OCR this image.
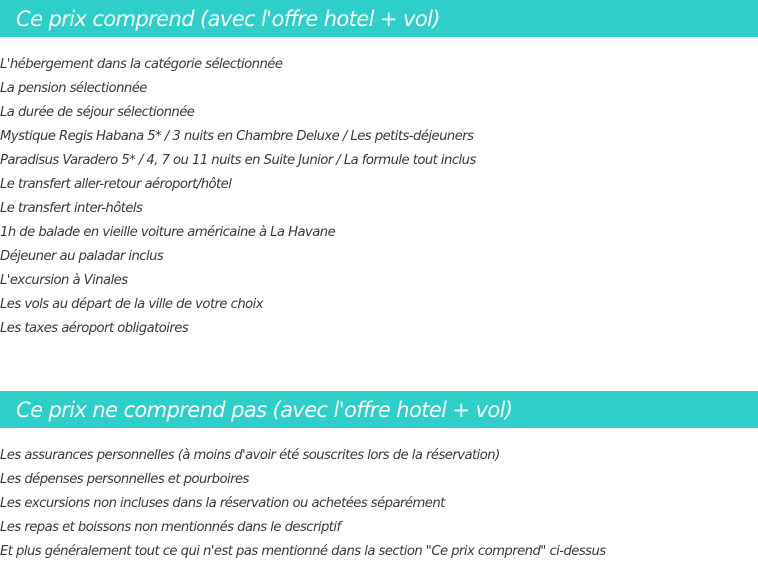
Ce prix comprend (avec l'offre hotel + vol)
L'hébergement dans la catégorie sélectionnée
La pension sélectionnée
La durée de séjour sélectionnée
Mystique Regis Habana 5* / 3 nuits en Chambre Deluxe / Les petits-déjeuners
Paradisus Varadero 5* / 4, 7 ou 11 nuits en Suite Junior / La formule tout inclus
Le transfert aller-retour aéroport/hôtel
Le transfert inter-hôtels
1h de balade en vieille voiture américaine à La Havane
Déjeuner au paladar inclus
L'excursion à Vinales
Les vols au départ de la ville de votre choix
Les taxes aéroport obligatoires
Ce prix ne comprend pas (avec l'offre hotel + vol)
Les assurances personnelles (à moins d'avoir été souscrites lors de la réservation)
Les dépenses personnelles et pourboires
Les excursions non incluses dans la réservation ou achetées séparément
Les repas et boissons non mentionnés dans le descriptif
Et plus généralement tout ce qui n'est pas mentionné dans la section "Ce prix comprend" ci-dessus
